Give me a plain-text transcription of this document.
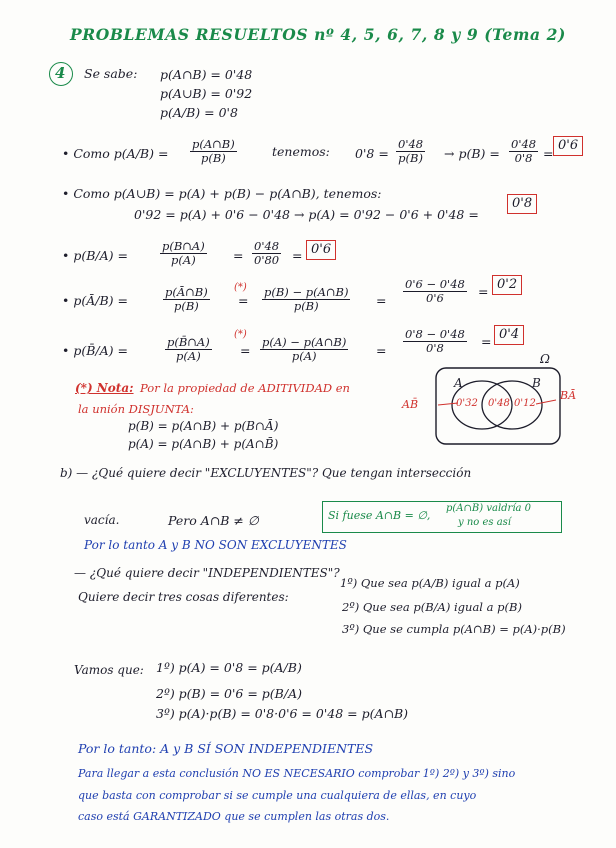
PROBLEMAS RESUELTOS nº 4, 5, 6, 7, 8 y 9 (Tema 2)
4 Se sabe: p(A∩B) = 0'48
p(A∪B) = 0'92
p(A/B) = 0'8
• Como $p(A/B) = \frac{p(A\cap B)}{p(B)}$	tenemos: $0'8 = \frac{0'48}{p(B)} \to p(B) = \frac{0'48}{0'8}$ =
0'6
• Como p(A∪B) = p(A) + p(B) − p(A∩B), tenemos:
0'92 = p(A) + 0'6 − 0'48 → p(A) = 0'92 − 0'6 + 0'48 =
0'8
• p(B/A) =	$\frac{p(B\cap A)}{p(A)} = \frac{0'48}{0'80} = 0'6$
• p(Ā/B) =	$\frac{p(Ā\cap B)}{p(B)}$ (*)
= $\frac{p(B) - p(A\cap B)}{p(B)} = \frac{0'6 - 0'48}{0'6} = 0'2$
• p(B̄/A) =	$\frac{p(B̄\cap A)}{p(A)}$
(*)
= $\frac{p(A) - p(A\cap B)}{p(A)} = \frac{0'8 - 0'48}{0'8} = 0'4$
(*) Nota: Por la propiedad de ADITIVIDAD en
la unión DISJUNTA:
p(B) = p(A∩B) + p(B∩Ā)
p(A) = p(A∩B) + p(A∩B̄)
Ω
A	B
0'32 0'48 0'12
AB̄
BĀ
b) — ¿Qué quiere decir "EXCLUYENTES"? Que tengan intersección
vacía.	Pero A∩B ≠ ∅	Si fuese A∩B = ∅,
p(A∩B) valdría 0
y no es así
Por lo tanto A y B NO SON EXCLUYENTES
— ¿Qué quiere decir "INDEPENDIENTES"?
Quiere decir tres cosas diferentes:
1º) Que sea p(A/B) igual a p(A)
2º) Que sea p(B/A) igual a p(B)
3º) Que se cumpla p(A∩B) = p(A)·p(B)
Vamos que: 1º) p(A) = 0'8 = p(A/B)
2º) p(B) = 0'6 = p(B/A)
3º) p(A)·p(B) = 0'8·0'6 = 0'48 = p(A∩B)
Por lo tanto: A y B SÍ SON INDEPENDIENTES
Para llegar a esta conclusión NO ES NECESARIO comprobar 1º) 2º) y 3º) sino
que basta con comprobar si se cumple una cualquiera de ellas, en cuyo
caso está GARANTIZADO que se cumplen las otras dos.
